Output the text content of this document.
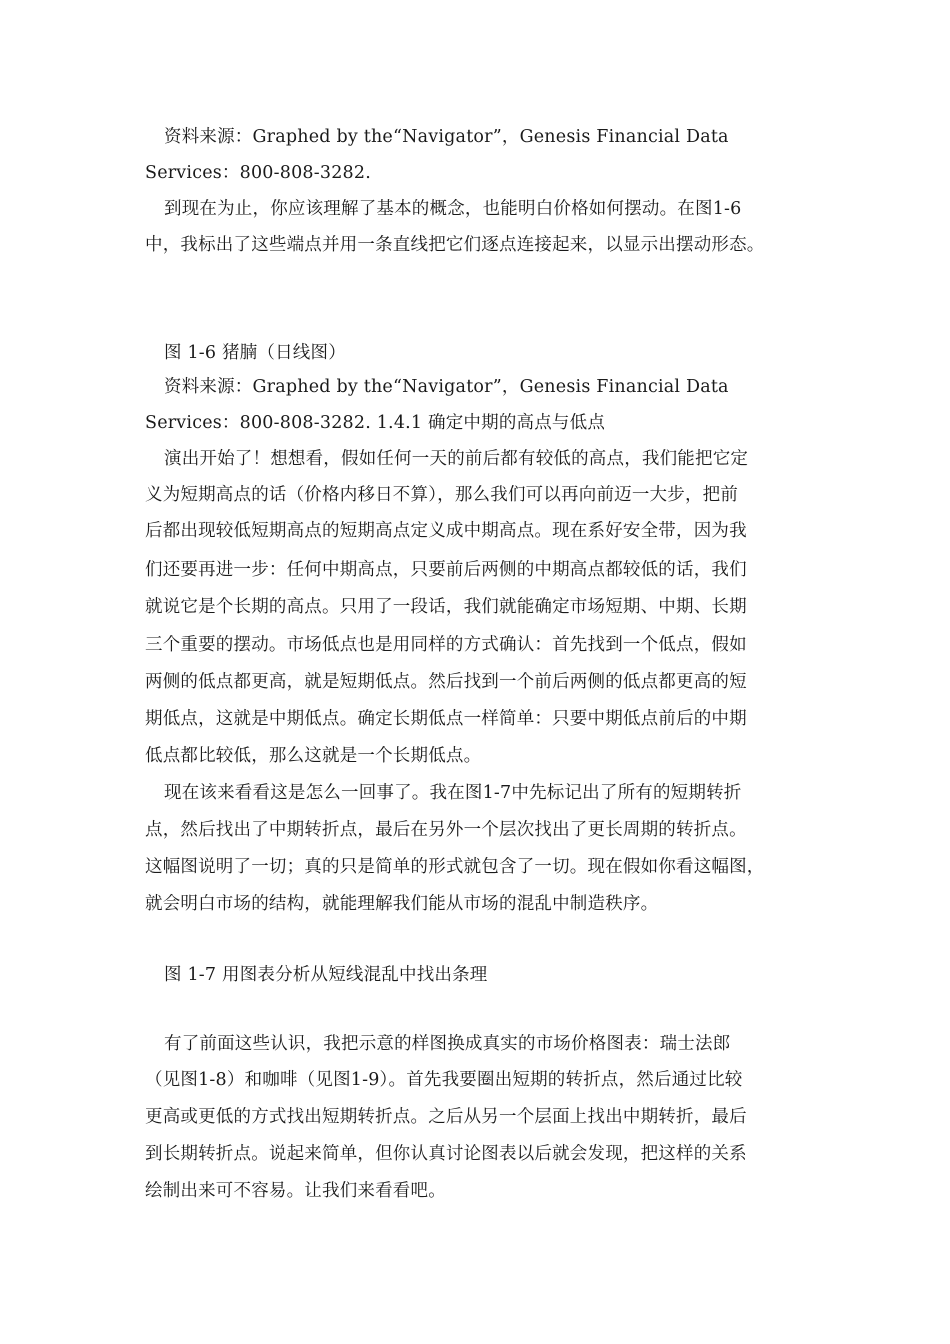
资料来源：Graphed by the“Navigator”，Genesis Financial Data
Services：800-808-3282.
到现在为止，你应该理解了基本的概念，也能明白价格如何摆动。在图1-6
中，我标出了这些端点并用一条直线把它们逐点连接起来，以显示出摆动形态。
图 1-6 猪腩（日线图）
资料来源：Graphed by the“Navigator”，Genesis Financial Data
Services：800-808-3282. 1.4.1 确定中期的高点与低点
演出开始了！想想看，假如任何一天的前后都有较低的高点，我们能把它定
义为短期高点的话（价格内移日不算），那么我们可以再向前迈一大步，把前
后都出现较低短期高点的短期高点定义成中期高点。现在系好安全带，因为我
们还要再进一步：任何中期高点，只要前后两侧的中期高点都较低的话，我们
就说它是个长期的高点。只用了一段话，我们就能确定市场短期、中期、长期
三个重要的摆动。市场低点也是用同样的方式确认：首先找到一个低点，假如
两侧的低点都更高，就是短期低点。然后找到一个前后两侧的低点都更高的短
期低点，这就是中期低点。确定长期低点一样简单：只要中期低点前后的中期
低点都比较低，那么这就是一个长期低点。
现在该来看看这是怎么一回事了。我在图1-7中先标记出了所有的短期转折
点，然后找出了中期转折点，最后在另外一个层次找出了更长周期的转折点。
这幅图说明了一切；真的只是简单的形式就包含了一切。现在假如你看这幅图，
就会明白市场的结构，就能理解我们能从市场的混乱中制造秩序。
图 1-7 用图表分析从短线混乱中找出条理
有了前面这些认识，我把示意的样图换成真实的市场价格图表：瑞士法郎
（见图1-8）和咖啡（见图1-9）。首先我要圈出短期的转折点，然后通过比较
更高或更低的方式找出短期转折点。之后从另一个层面上找出中期转折，最后
到长期转折点。说起来简单，但你认真讨论图表以后就会发现，把这样的关系
绘制出来可不容易。让我们来看看吧。
